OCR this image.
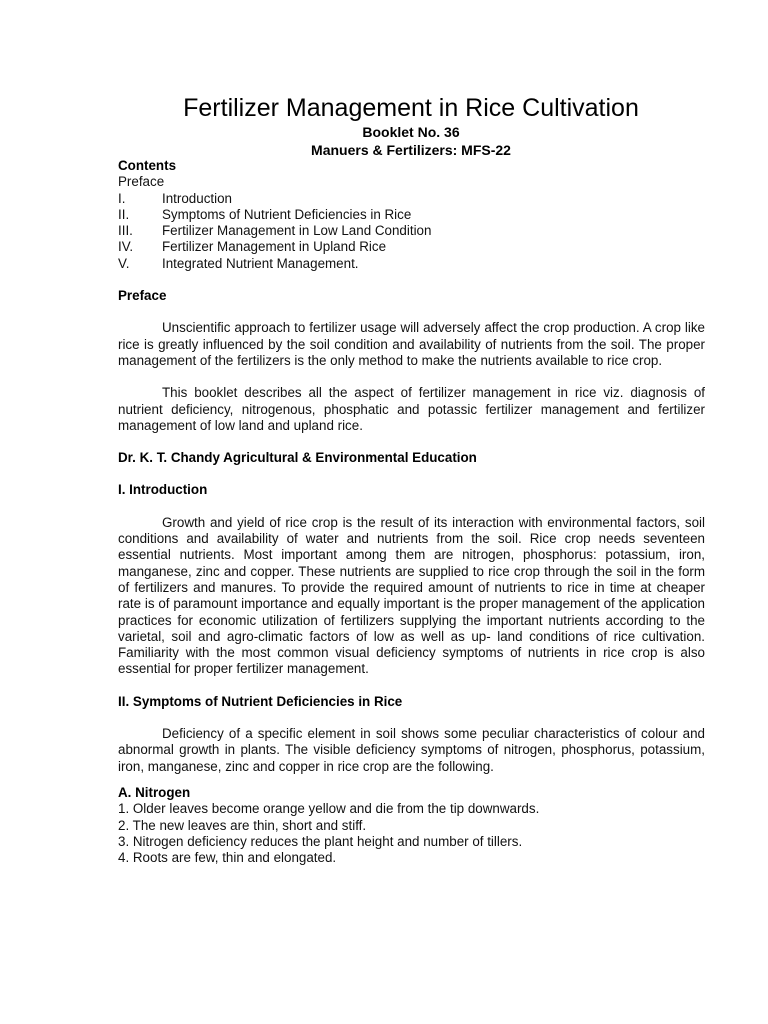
Fertilizer Management in Rice Cultivation
Booklet No. 36
Manuers & Fertilizers: MFS-22

Contents

Preface

I.	Introduction
II.	Symptoms of Nutrient Deficiencies in Rice
III.	Fertilizer Management in Low Land Condition
IV.	Fertilizer Management in Upland Rice
V.	Integrated Nutrient Management.

Preface

Unscientific approach to fertilizer usage will adversely affect the crop production. A crop like rice is greatly influenced by the soil condition and availability of nutrients from the soil. The proper management of the fertilizers is the only method to make the nutrients available to rice crop.

This booklet describes all the aspect of fertilizer management in rice viz. diagnosis of nutrient deficiency, nitrogenous, phosphatic and potassic fertilizer management and fertilizer management of low land and upland rice.

Dr. K. T. Chandy Agricultural & Environmental Education

I. Introduction

Growth and yield of rice crop is the result of its interaction with environmental factors, soil conditions and availability of water and nutrients from the soil. Rice crop needs seventeen essential nutrients. Most important among them are nitrogen, phosphorus: potassium, iron, manganese, zinc and copper. These nutrients are supplied to rice crop through the soil in the form of fertilizers and manures. To provide the required amount of nutrients to rice in time at cheaper rate is of paramount importance and equally important is the proper management of the application practices for economic utilization of fertilizers supplying the important nutrients according to the varietal, soil and agro-climatic factors of low as well as up- land conditions of rice cultivation. Familiarity with the most common visual deficiency symptoms of nutrients in rice crop is also essential for proper fertilizer management.

II. Symptoms of Nutrient Deficiencies in Rice

Deficiency of a specific element in soil shows some peculiar characteristics of colour and abnormal growth in plants. The visible deficiency symptoms of nitrogen, phosphorus, potassium, iron, manganese, zinc and copper in rice crop are the following.

A. Nitrogen

1. Older leaves become orange yellow and die from the tip downwards.

2. The new leaves are thin, short and stiff.

3. Nitrogen deficiency reduces the plant height and number of tillers.

4. Roots are few, thin and elongated.
